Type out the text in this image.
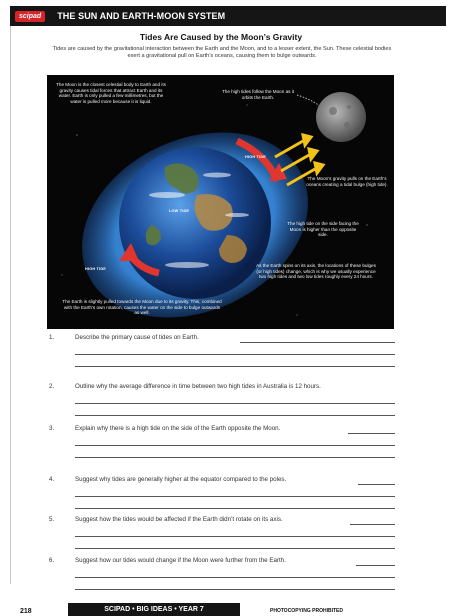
scipad	THE SUN AND EARTH-MOON SYSTEM
Tides Are Caused by the Moon’s Gravity
Tides are caused by the gravitational interaction between the Earth and the Moon, and to a lesser extent, the Sun. These celestial bodies exert a gravitational pull on Earth’s oceans, causing them to bulge outwards.
The Moon is the closest celestial body to Earth and its gravity causes tidal forces that attract Earth and its water. Earth is only pulled a few millimetres, but the water is pulled more because it is liquid.
The high tides follow the Moon as it orbits the Earth.
The Moon’s gravity pulls on the Earth’s oceans creating a tidal bulge (high tide).
The high tide on the side facing the Moon is higher than the opposite side.
As the Earth spins on its axis, the locations of these bulges (or high tides) change, which is why we usually experience two high tides and two low tides roughly every 24 hours.
The Earth is slightly pulled towards the Moon due to its gravity. This, combined with the Earth’s own rotation, causes the water on the side to bulge outwards as well.
HIGH TIDE
LOW TIDE
HIGH TIDE
1.	Describe the primary cause of tides on Earth.
2.	Outline why the average difference in time between two high tides in Australia is 12 hours.
3.	Explain why there is a high tide on the side of the Earth opposite the Moon.
4.	Suggest why tides are generally higher at the equator compared to the poles.
5.	Suggest how the tides would be affected if the Earth didn’t rotate on its axis.
6.	Suggest how our tides would change if the Moon were further from the Earth.
218	SCIPAD • BIG IDEAS • YEAR 7	PHOTOCOPYING PROHIBITED
